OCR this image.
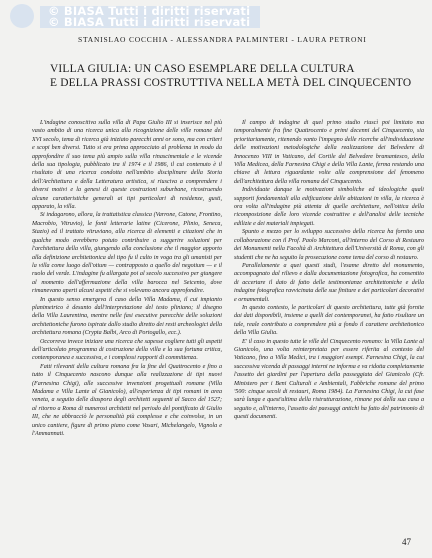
© BIASA Tutti i diritti riservati
© BIASA Tutti i diritti riservati
STANISLAO COCCHIA - ALESSANDRA PALMINTERI - LAURA PETRONI
VILLA GIULIA: UN CASO ESEMPLARE DELLA CULTURA
E DELLA PRASSI COSTRUTTIVA NELLA METÀ DEL CINQUECENTO

L'indagine conoscitiva sulla villa di Papa Giulio III si inserisce nel più vasto ambito di una ricerca unica alla ricognizione delle ville romane del XVI secolo, tema di ricerca già iniziato parecchi anni or sono, ma con criteri e scopi ben diversi. Tutto si era prima approcciato al problema in modo da approfondire il suo tema più ampio sulla villa rinascimentale e le vicende della sua tipologia, pubblicato tra il 1974 e il 1986, il cui contenuto è il risultato di una ricerca condotta nell'ambito disciplinare della Storia dell'Architettura e della Letteratura artistica, si riusciva a comprendere i diversi motivi e la genesi di queste costruzioni suburbane, ricostruendo alcune caratteristiche generali ai tipi particolari di residenze, gusti, apparato, la villa.

Si indagarono, allora, la trattatistica classica (Varrone, Catone, Frontino, Macrobio, Vitruvio), le fonti letterarie latine (Cicerone, Plinio, Seneca, Stazio) ed il trattato vitruviano, alla ricerca di elementi e citazioni che in qualche modo avrebbero potuto contribuire a suggerire soluzioni per l'architettura della villa, giungendo alla conclusione che il maggior apporto alla definizione architettonica del tipo fu il culto in voga tra gli umanisti per la villa come luogo dell'otium — contrapposto a quello del negotium — e il ruolo del verde. L'indagine fu allargata poi al secolo successivo per giungere al momento dell'affermazione della villa barocca nel Seicento, dove rimanevano aperti alcuni aspetti che si volevano ancora approfondire.

In questo senso emergeva il caso della Villa Madama, il cui impianto planimetrico è desunto dall'interpretazione del testo pliniano; il disegno della Villa Laurentina, mentre nelle fasi esecutive parecchie delle soluzioni architettoniche furono ispirate dallo studio diretto dei resti archeologici della architettura romana (Crypta Balbi, Arco di Portogallo, ecc.).

Occorreva invece iniziare una ricerca che sapesse cogliere tutti gli aspetti dell'articolato programma di costruzione della villa e la sua fortuna critica, contemporanea e successiva, e i complessi rapporti di committenza.

Fatti rilevanti della cultura romana fra la fine del Quattrocento e fino a tutto il Cinquecento nascono dunque alla realizzazione di tipi nuovi (Farnesina Chigi), alle successive invenzioni progettuali romane (Villa Madama e Villa Lante al Gianicolo), all'esperienza di tipi romani in area veneta, a seguito delle diaspora degli architetti seguenti al Sacco del 1527; al ritorno a Roma di numerosi architetti nel periodo del pontificato di Giulio III, che ne abbracciò le personalità più complesse e che coinvolse, in un unico cantiere, figure di primo piano come Vasari, Michelangelo, Vignola e l'Ammannati.

Il campo di indagine di quel primo studio riuscì poi limitato ma temporalmente fra fine Quattrocento e primi decenni del Cinquecento, sia prioritariamente, ritenendo vanto l'impegno delle ricerche all'individuazione delle motivazioni metodologiche della realizzazione dei Belvedere di Innocenzo VIII in Vaticano, del Cortile del Belvedere bramantesco, della Villa Medicea, della Farnesina Chigi e della Villa Lante, ferma restando una chiave di lettura riguardante volte alla comprensione del fenomeno dell'architettura della villa romana del Cinquecento.

Individuate dunque le motivazioni simboliche ed ideologiche quali supporti fondamentali alla edificazione delle abitazioni in villa, la ricerca è ora volta all'indagine più attenta di quelle architetture, nell'ottica della ricomposizione delle loro vicende costruttive e dell'analisi delle tecniche edilizie e dei materiali impiegati.

Spunto e mezzo per lo sviluppo successivo della ricerca ha fornito una collaborazione con il Prof. Paolo Marconi, all'interno del Corso di Restauro dei Monumenti nella Facoltà di Architettura dell'Università di Roma, con gli studenti che ne ha seguito la prosecuzione come tema del corso di restauro.

Parallelamente a quei questi studi, l'esame diretto del monumento, accompagnato dal rilievo e dalla documentazione fotografica, ha consentito di accertare il dato di fatto delle testimonianze architettoniche e della indagine fotografica ravvicinata delle sue finiture e dei particolari decorativi e ornamentali.

In questo contesto, le particolari di questo architettura, tutte già fornite dai dati disponibili, insieme a quelli dei contemporanei, ha fatto risultare un tale, reale contributo a comprendere più a fondo il carattere architettonico della Villa Giulia.

E' il caso in questo tutte le ville del Cinquecento romano: la Villa Lante al Gianicolo, una volta reinterpretata per essere riferita al contesto del Vaticano, fino a Villa Medici, tra i maggiori esempi. Farnesina Chigi, la cui successiva vicenda di passaggi interni ne informa e va ridotta completamente l'assetto dei giardini per l'apertura della passeggiata del Gianicolo (Cfr. Ministero per i Beni Culturali e Ambientali, Fabbriche romane del primo '500: cinque secoli di restauri, Roma 1984). La Farnesina Chigi, la cui fase sarà lunga e quest'ultima della ristrutturazione, rimane poi della sua casa a seguito e, all'interno, l'assetto dei paesaggi antichi ha fatto del patrimonio di questi documenti.

47
